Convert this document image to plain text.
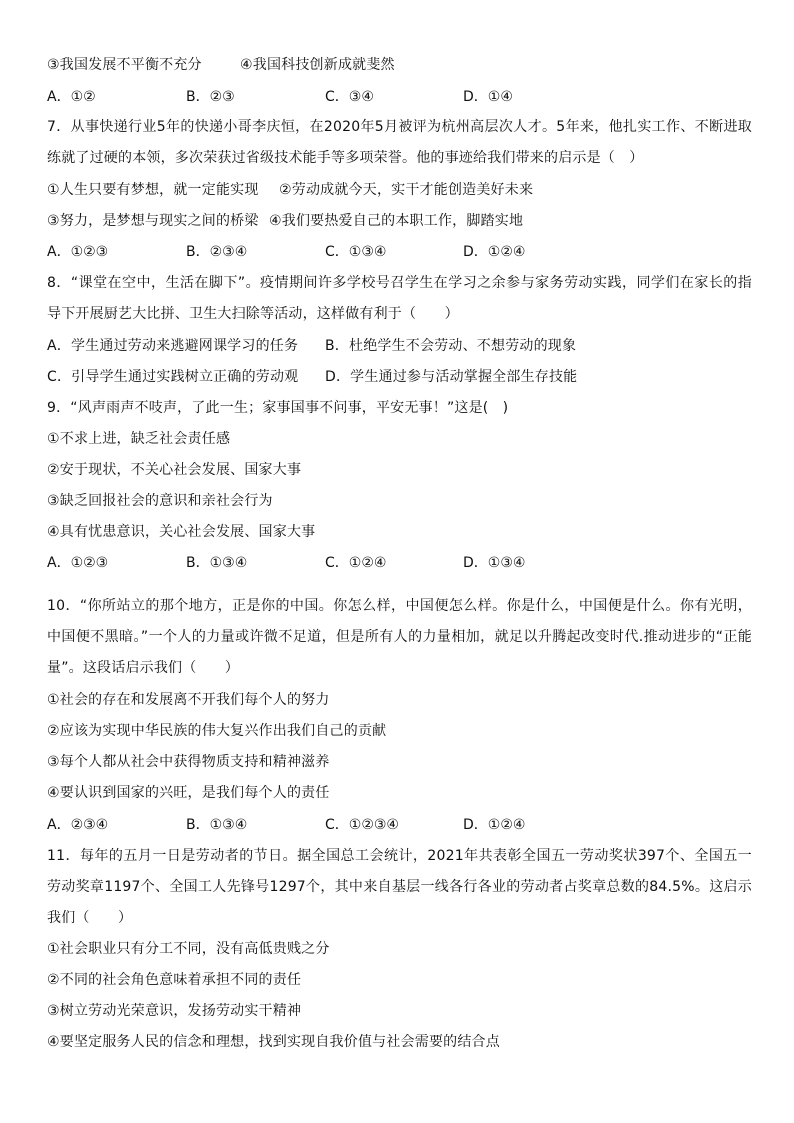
③我国发展不平衡不充分	④我国科技创新成就斐然
A．①②	B．②③	C．③④	D．①④
7．从事快递行业5年的快递小哥李庆恒，在2020年5月被评为杭州高层次人才。5年来，他扎实工作、不断进取练就了过硬的本领，多次荣获过省级技术能手等多项荣誉。他的事迹给我们带来的启示是（　）
①人生只要有梦想，就一定能实现 ②劳动成就今天，实干才能创造美好未来
③努力，是梦想与现实之间的桥梁 ④我们要热爱自己的本职工作，脚踏实地
A．①②③	B．②③④	C．①③④	D．①②④
8．“课堂在空中，生活在脚下”。疫情期间许多学校号召学生在学习之余参与家务劳动实践，同学们在家长的指导下开展厨艺大比拼、卫生大扫除等活动，这样做有利于（　　）
A．学生通过劳动来逃避网课学习的任务 B．杜绝学生不会劳动、不想劳动的现象
C．引导学生通过实践树立正确的劳动观 D．学生通过参与活动掌握全部生存技能
9．“风声雨声不吱声，了此一生；家事国事不问事，平安无事！”这是(　)
①不求上进，缺乏社会责任感
②安于现状，不关心社会发展、国家大事
③缺乏回报社会的意识和亲社会行为
④具有忧患意识，关心社会发展、国家大事
A．①②③	B．①③④	C．①②④	D．①③④
10．“你所站立的那个地方，正是你的中国。你怎么样，中国便怎么样。你是什么，中国便是什么。你有光明，中国便不黑暗。”一个人的力量或许微不足道，但是所有人的力量相加，就足以升腾起改变时代.推动进步的“正能量”。这段话启示我们（　　）
①社会的存在和发展离不开我们每个人的努力
②应该为实现中华民族的伟大复兴作出我们自己的贡献
③每个人都从社会中获得物质支持和精神滋养
④要认识到国家的兴旺，是我们每个人的责任
A．②③④	B．①③④	C．①②③④	D．①②④
11．每年的五月一日是劳动者的节日。据全国总工会统计，2021年共表彰全国五一劳动奖状397个、全国五一劳动奖章1197个、全国工人先锋号1297个，其中来自基层一线各行各业的劳动者占奖章总数的84.5%。这启示我们（　　）
①社会职业只有分工不同，没有高低贵贱之分
②不同的社会角色意味着承担不同的责任
③树立劳动光荣意识，发扬劳动实干精神
④要坚定服务人民的信念和理想，找到实现自我价值与社会需要的结合点
